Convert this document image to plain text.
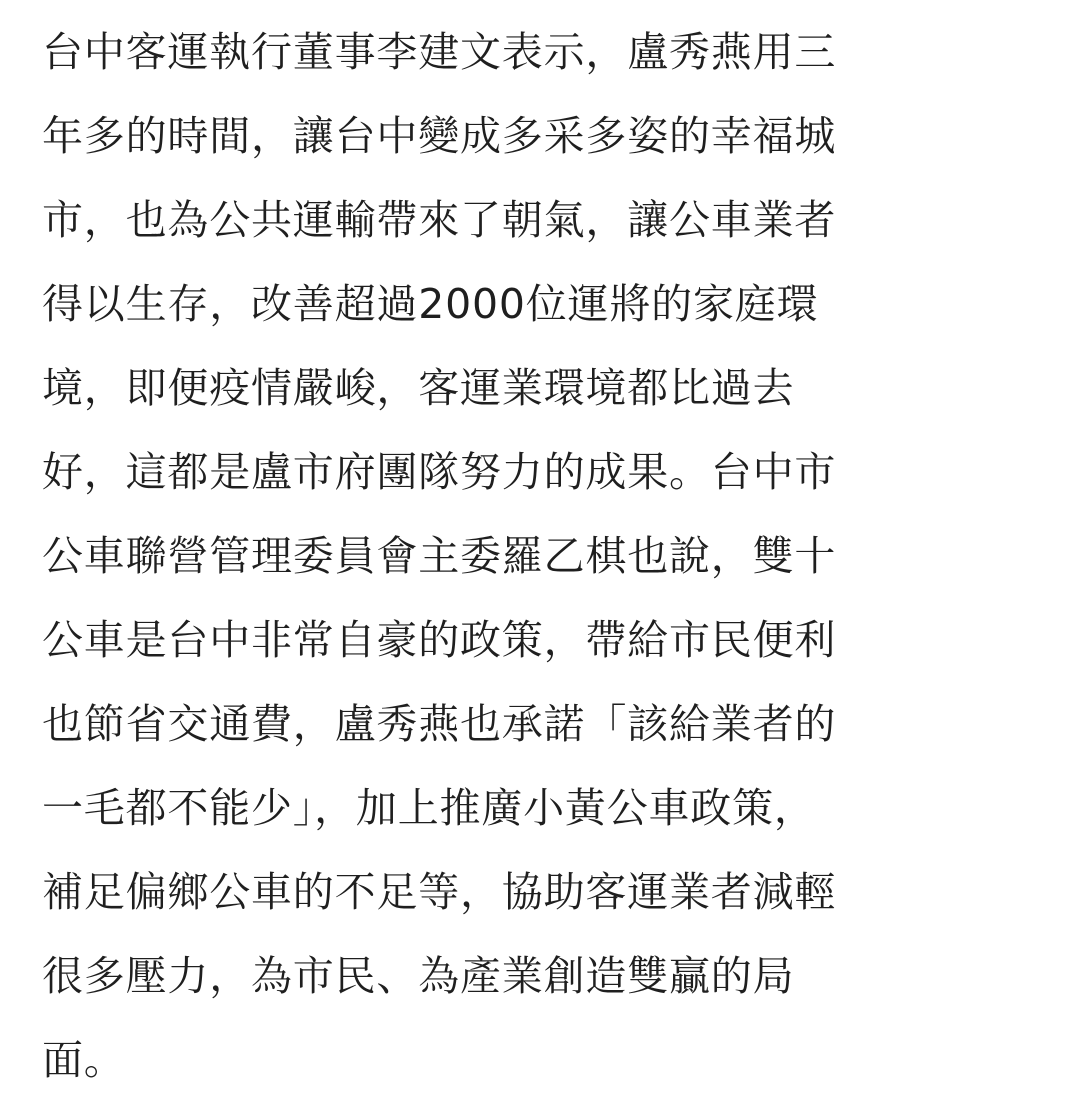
台中客運執行董事李建文表示，盧秀燕用三
年多的時間，讓台中變成多采多姿的幸福城
市，也為公共運輸帶來了朝氣，讓公車業者
得以生存，改善超過2000位運將的家庭環
境，即便疫情嚴峻，客運業環境都比過去
好，這都是盧市府團隊努力的成果。台中市
公車聯營管理委員會主委羅乙棋也說，雙十
公車是台中非常自豪的政策，帶給市民便利
也節省交通費，盧秀燕也承諾「該給業者的
一毛都不能少」，加上推廣小黃公車政策，
補足偏鄉公車的不足等，協助客運業者減輕
很多壓力，為市民、為產業創造雙贏的局
面。
